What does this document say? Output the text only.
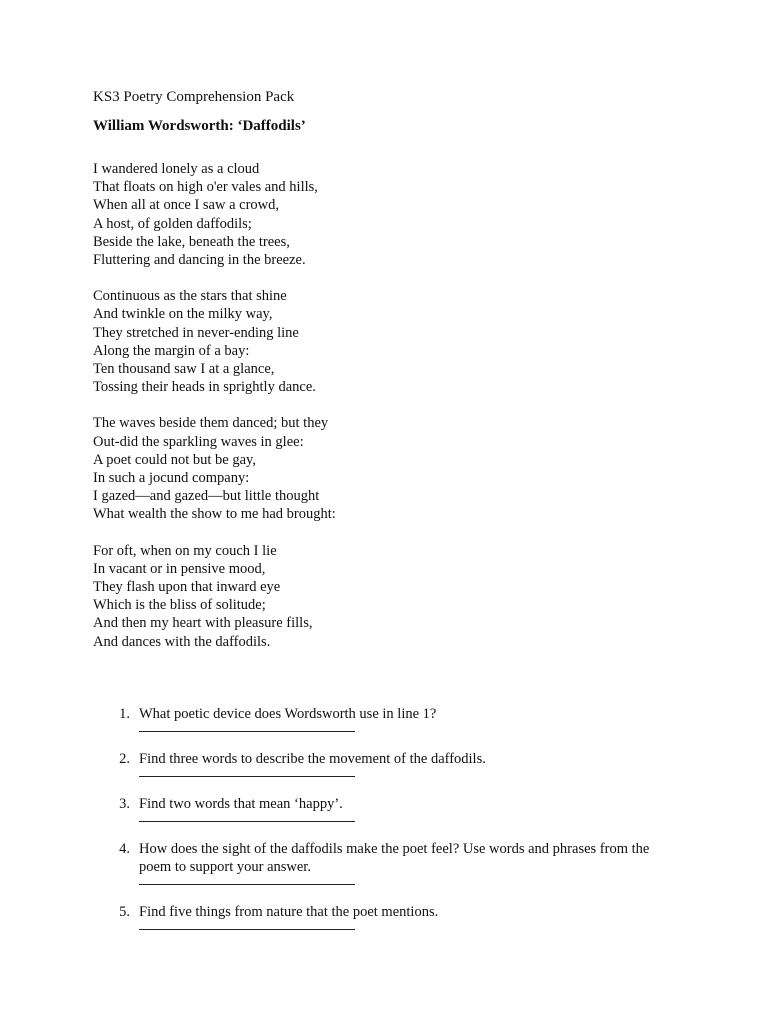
KS3 Poetry Comprehension Pack
William Wordsworth: ‘Daffodils’
I wandered lonely as a cloud
That floats on high o'er vales and hills,
When all at once I saw a crowd,
A host, of golden daffodils;
Beside the lake, beneath the trees,
Fluttering and dancing in the breeze.
Continuous as the stars that shine
And twinkle on the milky way,
They stretched in never-ending line
Along the margin of a bay:
Ten thousand saw I at a glance,
Tossing their heads in sprightly dance.
The waves beside them danced; but they
Out-did the sparkling waves in glee:
A poet could not but be gay,
In such a jocund company:
I gazed—and gazed—but little thought
What wealth the show to me had brought:
For oft, when on my couch I lie
In vacant or in pensive mood,
They flash upon that inward eye
Which is the bliss of solitude;
And then my heart with pleasure fills,
And dances with the daffodils.
1. What poetic device does Wordsworth use in line 1?
2. Find three words to describe the movement of the daffodils.
3. Find two words that mean ‘happy’.
4. How does the sight of the daffodils make the poet feel? Use words and phrases from the poem to support your answer.
5. Find five things from nature that the poet mentions.
